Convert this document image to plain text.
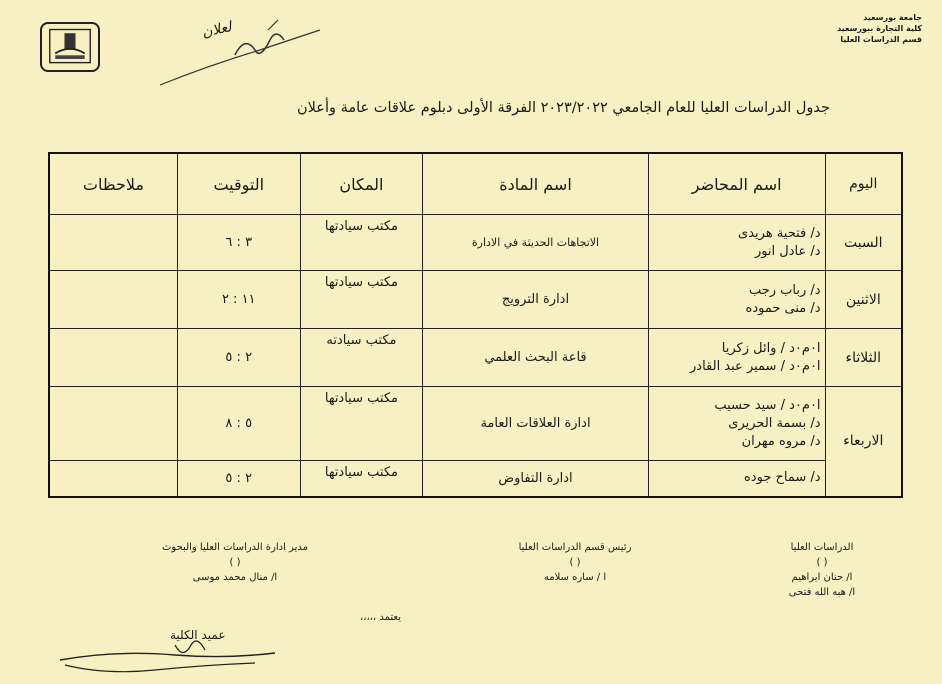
جامعة بورسعيد
كلية التجارة ببورسعيد
قسم الدراسات العليا
لعلان
جدول الدراسات العليا للعام الجامعي ٢٠٢٣/٢٠٢٢ الفرقة الأولى دبلوم علاقات عامة وأعلان
اليوم	اسم المحاضر	اسم المادة	المكان	التوقيت	ملاحظات
السبت	د/ فتحية هريدى
د/ عادل انور	الاتجاهات الحديثة في الادارة	مكتب سيادتها	٣ : ٦	
الاثنين	د/ رباب رجب
د/ منى حموده	ادارة الترويج	مكتب سيادتها	١١ : ٢	
الثلاثاء	ا٠م٠د / وائل زكريا
ا٠م٠د / سمير عبد القادر	قاعة البحث العلمي	مكتب سيادته	٢ : ٥	
الاربعاء	ا٠م٠د / سيد حسيب
د/ بسمة الحريرى
د/ مروه مهران	ادارة العلاقات العامة	مكتب سيادتها	٥ : ٨	

	د/ سماح جوده	ادارة التفاوض	مكتب سيادتها	٢ : ٥	
الدراسات العليا
( )
ا/ حنان ابراهيم
ا/ هبه الله فتحى
رئيس قسم الدراسات العليا
( )
ا / ساره سلامه
مدير ادارة الدراسات العليا والبحوث
( )
ا/ منال محمد موسى
يعتمد ،،،،،
عميد الكلية
